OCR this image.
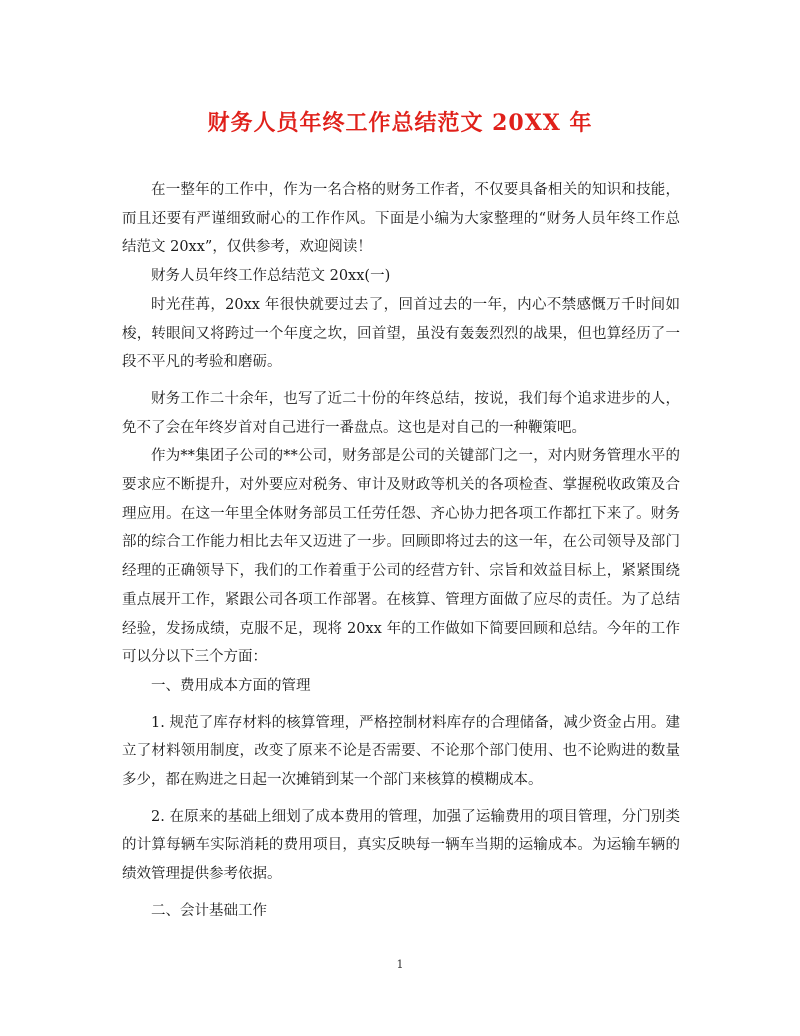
财务人员年终工作总结范文 20XX 年

在一整年的工作中，作为一名合格的财务工作者，不仅要具备相关的知识和技能，而且还要有严谨细致耐心的工作作风。下面是小编为大家整理的“财务人员年终工作总结范文 20xx”，仅供参考，欢迎阅读！

财务人员年终工作总结范文 20xx(一)

时光荏苒，20xx 年很快就要过去了，回首过去的一年，内心不禁感慨万千时间如梭，转眼间又将跨过一个年度之坎，回首望，虽没有轰轰烈烈的战果，但也算经历了一段不平凡的考验和磨砺。

财务工作二十余年，也写了近二十份的年终总结，按说，我们每个追求进步的人，免不了会在年终岁首对自己进行一番盘点。这也是对自己的一种鞭策吧。

作为**集团子公司的**公司，财务部是公司的关键部门之一，对内财务管理水平的要求应不断提升，对外要应对税务、审计及财政等机关的各项检查、掌握税收政策及合理应用。在这一年里全体财务部员工任劳任怨、齐心协力把各项工作都扛下来了。财务部的综合工作能力相比去年又迈进了一步。回顾即将过去的这一年，在公司领导及部门经理的正确领导下，我们的工作着重于公司的经营方针、宗旨和效益目标上，紧紧围绕重点展开工作，紧跟公司各项工作部署。在核算、管理方面做了应尽的责任。为了总结经验，发扬成绩，克服不足，现将 20xx 年的工作做如下简要回顾和总结。今年的工作可以分以下三个方面：

一、费用成本方面的管理

1. 规范了库存材料的核算管理，严格控制材料库存的合理储备，减少资金占用。建立了材料领用制度，改变了原来不论是否需要、不论那个部门使用、也不论购进的数量多少，都在购进之日起一次摊销到某一个部门来核算的模糊成本。

2. 在原来的基础上细划了成本费用的管理，加强了运输费用的项目管理，分门别类的计算每辆车实际消耗的费用项目，真实反映每一辆车当期的运输成本。为运输车辆的绩效管理提供参考依据。

二、会计基础工作

1
